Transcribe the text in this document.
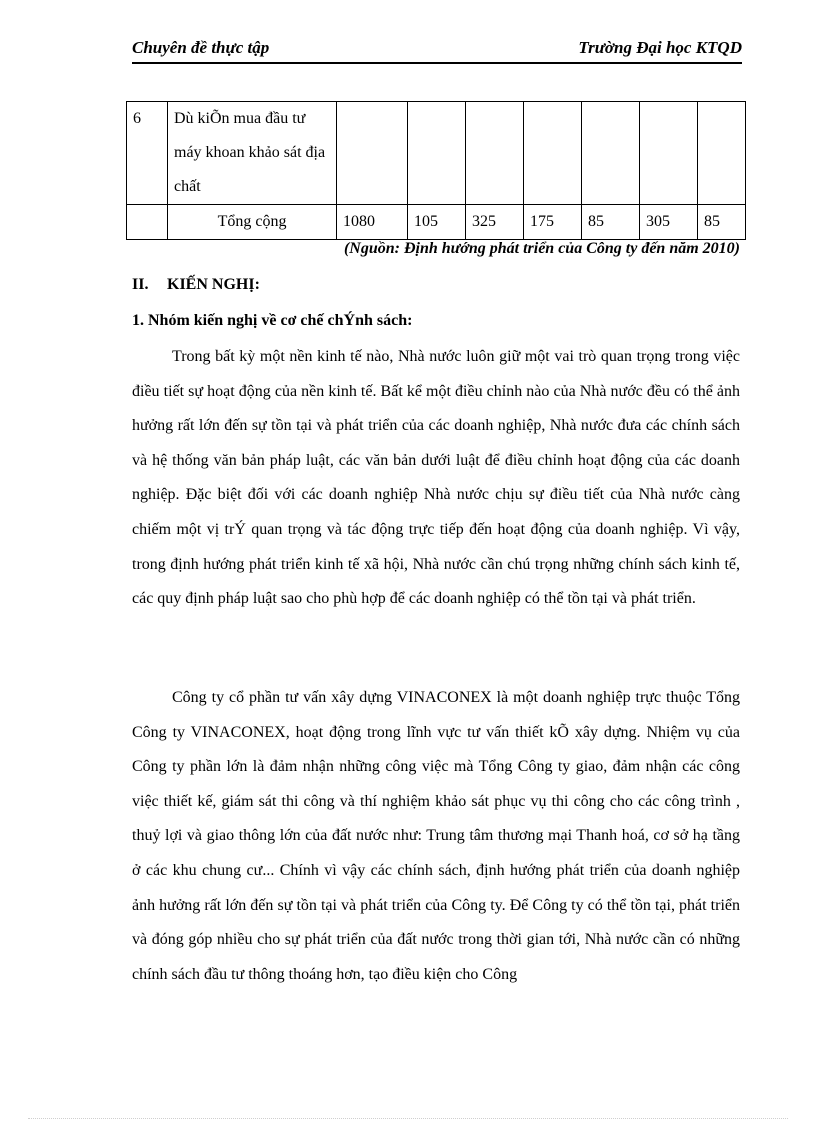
Chuyên đề thực tập	Trường Đại học KTQD
6	Dù kiÕn mua đầu tư máy khoan khảo sát địa chất							
	Tổng cộng	1080	105	325	175	85	305	85
(Nguồn: Định hướng phát triển của Công ty đến năm 2010)
II. KIẾN NGHỊ:
1. Nhóm kiến nghị về cơ chế chÝnh sách:
Trong bất kỳ một nền kinh tế nào, Nhà nước luôn giữ một vai trò quan trọng trong việc điều tiết sự hoạt động của nền kinh tế. Bất kể một điều chỉnh nào của Nhà nước đều có thể ảnh hưởng rất lớn đến sự tồn tại và phát triển của các doanh nghiệp, Nhà nước đưa các chính sách và hệ thống văn bản pháp luật, các văn bản dưới luật để điều chỉnh hoạt động của các doanh nghiệp. Đặc biệt đối với các doanh nghiệp Nhà nước chịu sự điều tiết của Nhà nước càng chiếm một vị trÝ quan trọng và tác động trực tiếp đến hoạt động của doanh nghiệp. Vì vậy, trong định hướng phát triển kinh tế xã hội, Nhà nước cần chú trọng những chính sách kinh tế, các quy định pháp luật sao cho phù hợp để các doanh nghiệp có thể tồn tại và phát triển.
Công ty cổ phần tư vấn xây dựng VINACONEX là một doanh nghiệp trực thuộc Tổng Công ty VINACONEX, hoạt động trong lĩnh vực tư vấn thiết kÕ xây dựng. Nhiệm vụ của Công ty phần lớn là đảm nhận những công việc mà Tổng Công ty giao, đảm nhận các công việc thiết kế, giám sát thi công và thí nghiệm khảo sát phục vụ thi công cho các công trình , thuỷ lợi và giao thông lớn của đất nước như: Trung tâm thương mại Thanh hoá, cơ sở hạ tầng ở các khu chung cư... Chính vì vậy các chính sách, định hướng phát triển của doanh nghiệp ảnh hưởng rất lớn đến sự tồn tại và phát triển của Công ty. Để Công ty có thể tồn tại, phát triển và đóng góp nhiều cho sự phát triển của đất nước trong thời gian tới, Nhà nước cần có những chính sách đầu tư thông thoáng hơn, tạo điều kiện cho Công
